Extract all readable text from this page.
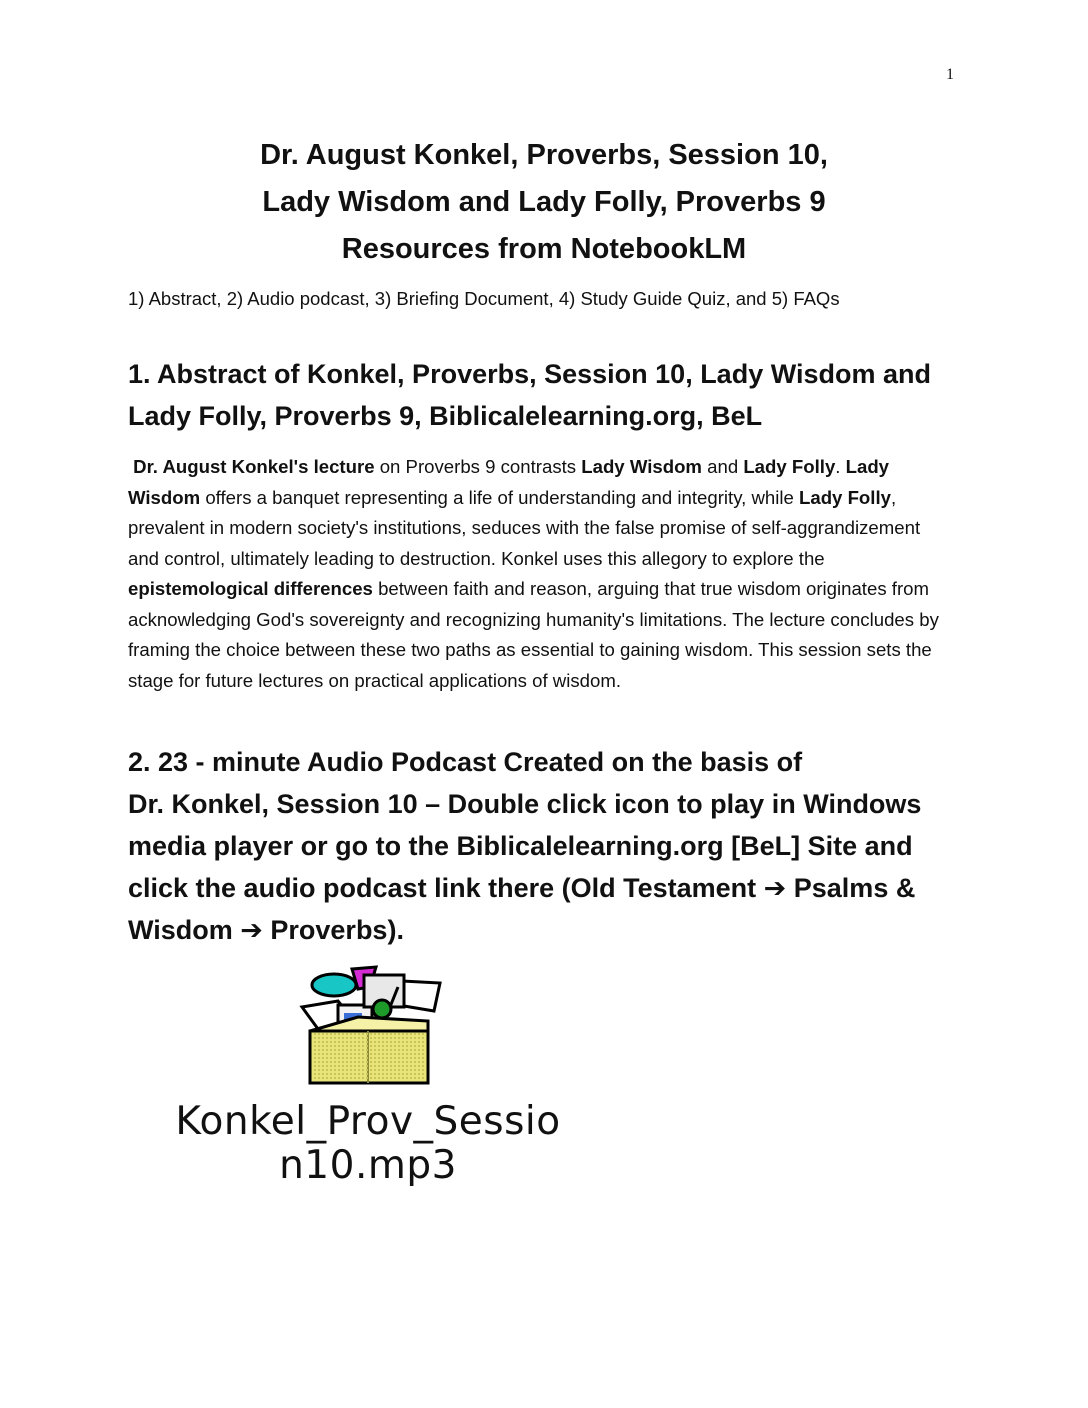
1
Dr. August Konkel, Proverbs, Session 10,
Lady Wisdom and Lady Folly, Proverbs 9
Resources from NotebookLM
1) Abstract, 2) Audio podcast, 3) Briefing Document, 4) Study Guide Quiz, and 5) FAQs
1. Abstract of Konkel, Proverbs, Session 10, Lady Wisdom and Lady Folly, Proverbs 9, Biblicalelearning.org, BeL
Dr. August Konkel's lecture on Proverbs 9 contrasts Lady Wisdom and Lady Folly. Lady Wisdom offers a banquet representing a life of understanding and integrity, while Lady Folly, prevalent in modern society's institutions, seduces with the false promise of self-aggrandizement and control, ultimately leading to destruction. Konkel uses this allegory to explore the epistemological differences between faith and reason, arguing that true wisdom originates from acknowledging God's sovereignty and recognizing humanity's limitations. The lecture concludes by framing the choice between these two paths as essential to gaining wisdom. This session sets the stage for future lectures on practical applications of wisdom.
2. 23 - minute Audio Podcast Created on the basis of
Dr. Konkel, Session 10 – Double click icon to play in Windows media player or go to the Biblicalelearning.org [BeL] Site and click the audio podcast link there (Old Testament ➔ Psalms & Wisdom ➔ Proverbs).
Konkel_Prov_Sessio
n10.mp3
